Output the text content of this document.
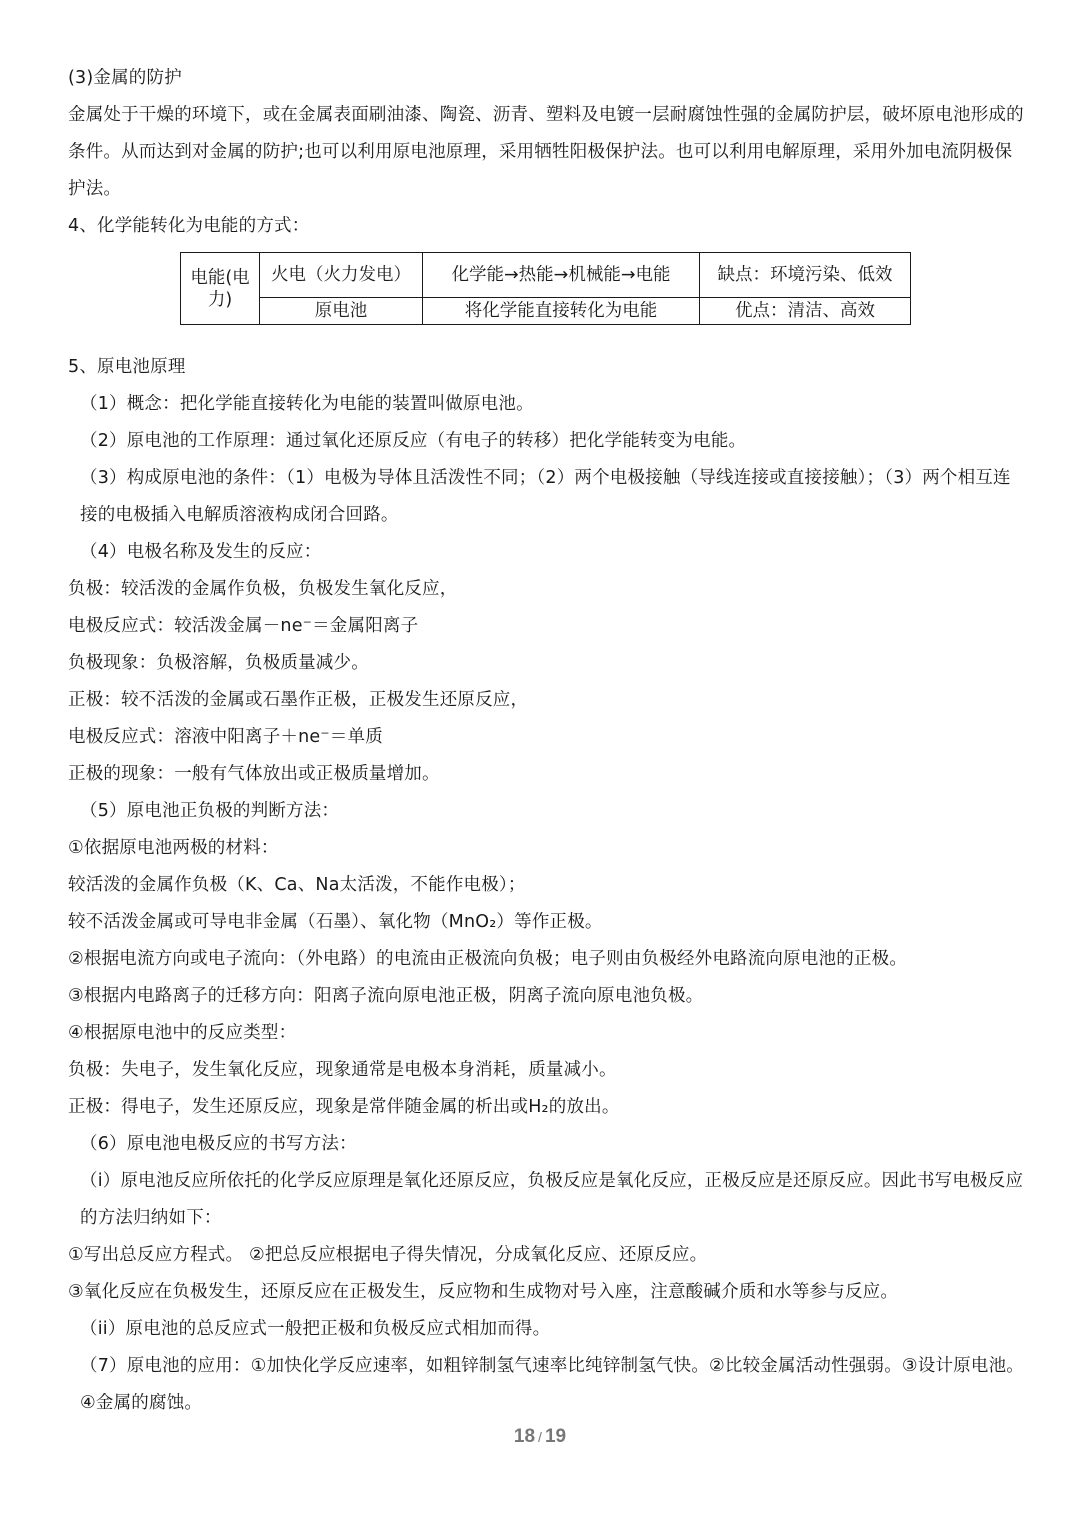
(3)金属的防护
金属处于干燥的环境下，或在金属表面刷油漆、陶瓷、沥青、塑料及电镀一层耐腐蚀性强的金属防护层，破坏原电池形成的条件。从而达到对金属的防护;也可以利用原电池原理，采用牺牲阳极保护法。也可以利用电解原理，采用外加电流阴极保护法。
4、化学能转化为电能的方式：
电能(电力)	火电（火力发电）	化学能→热能→机械能→电能	缺点：环境污染、低效
	原电池	将化学能直接转化为电能	优点：清洁、高效
5、原电池原理
（1）概念：把化学能直接转化为电能的装置叫做原电池。
（2）原电池的工作原理：通过氧化还原反应（有电子的转移）把化学能转变为电能。
（3）构成原电池的条件：（1）电极为导体且活泼性不同；（2）两个电极接触（导线连接或直接接触）；（3）两个相互连接的电极插入电解质溶液构成闭合回路。
（4）电极名称及发生的反应：
负极：较活泼的金属作负极，负极发生氧化反应，
电极反应式：较活泼金属－ne⁻＝金属阳离子
负极现象：负极溶解，负极质量减少。
正极：较不活泼的金属或石墨作正极，正极发生还原反应，
电极反应式：溶液中阳离子＋ne⁻＝单质
正极的现象：一般有气体放出或正极质量增加。
（5）原电池正负极的判断方法：
①依据原电池两极的材料：
较活泼的金属作负极（K、Ca、Na太活泼，不能作电极）；
较不活泼金属或可导电非金属（石墨）、氧化物（MnO₂）等作正极。
②根据电流方向或电子流向：（外电路）的电流由正极流向负极；电子则由负极经外电路流向原电池的正极。
③根据内电路离子的迁移方向：阳离子流向原电池正极，阴离子流向原电池负极。
④根据原电池中的反应类型：
负极：失电子，发生氧化反应，现象通常是电极本身消耗，质量减小。
正极：得电子，发生还原反应，现象是常伴随金属的析出或H₂的放出。
（6）原电池电极反应的书写方法：
（i）原电池反应所依托的化学反应原理是氧化还原反应，负极反应是氧化反应，正极反应是还原反应。因此书写电极反应的方法归纳如下：
①写出总反应方程式。 ②把总反应根据电子得失情况，分成氧化反应、还原反应。
③氧化反应在负极发生，还原反应在正极发生，反应物和生成物对号入座，注意酸碱介质和水等参与反应。
（ii）原电池的总反应式一般把正极和负极反应式相加而得。
（7）原电池的应用：①加快化学反应速率，如粗锌制氢气速率比纯锌制氢气快。②比较金属活动性强弱。③设计原电池。④金属的腐蚀。
18 / 19
